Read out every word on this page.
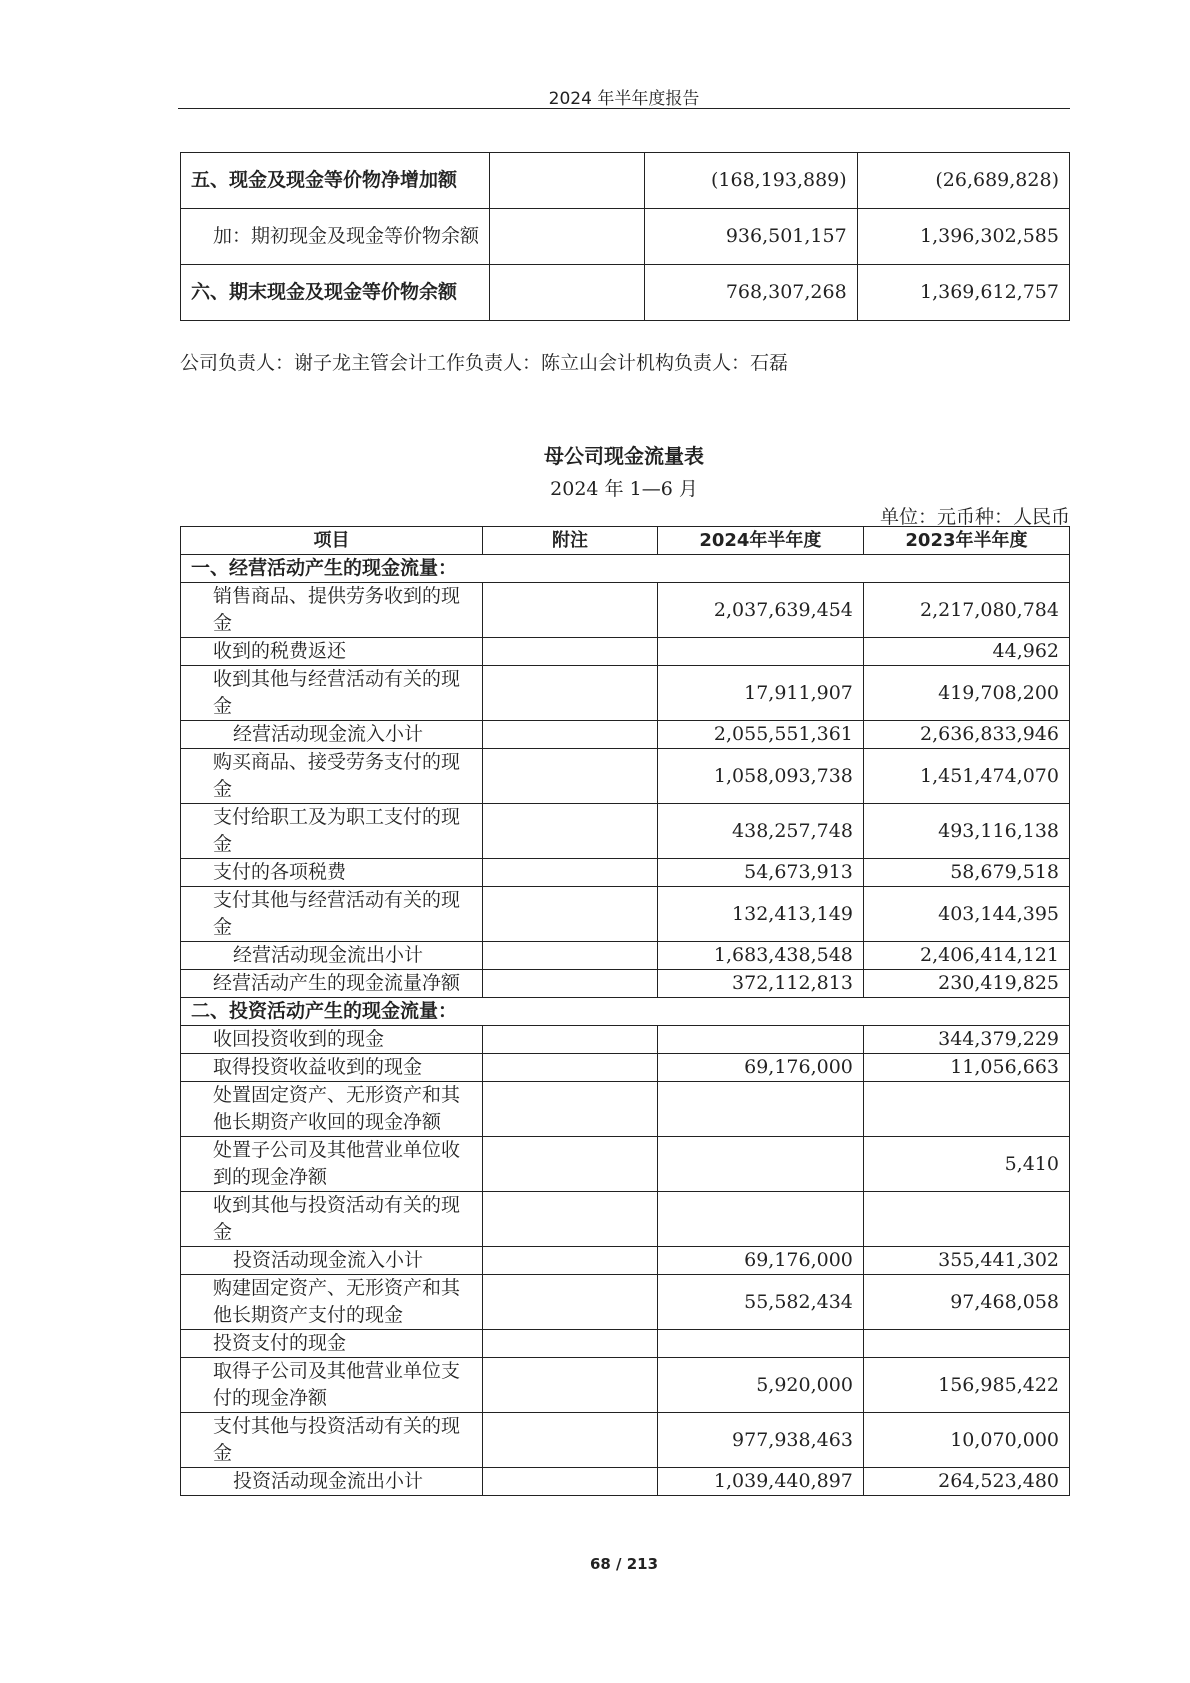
2024 年半年度报告
五、现金及现金等价物净增加额		(168,193,889)	(26,689,828)
加：期初现金及现金等价物余额		936,501,157	1,396,302,585
六、期末现金及现金等价物余额		768,307,268	1,369,612,757
公司负责人：谢子龙主管会计工作负责人：陈立山会计机构负责人：石磊
母公司现金流量表
2024 年 1—6 月
单位：元币种：人民币
项目	附注	2024年半年度	2023年半年度
一、经营活动产生的现金流量：			
销售商品、提供劳务收到的现金		2,037,639,454	2,217,080,784
收到的税费返还			44,962
收到其他与经营活动有关的现金		17,911,907	419,708,200
经营活动现金流入小计		2,055,551,361	2,636,833,946
购买商品、接受劳务支付的现金		1,058,093,738	1,451,474,070
支付给职工及为职工支付的现金		438,257,748	493,116,138
支付的各项税费		54,673,913	58,679,518
支付其他与经营活动有关的现金		132,413,149	403,144,395
经营活动现金流出小计		1,683,438,548	2,406,414,121
经营活动产生的现金流量净额		372,112,813	230,419,825
二、投资活动产生的现金流量：			
收回投资收到的现金			344,379,229
取得投资收益收到的现金		69,176,000	11,056,663
处置固定资产、无形资产和其他长期资产收回的现金净额			
处置子公司及其他营业单位收到的现金净额			5,410
收到其他与投资活动有关的现金			
投资活动现金流入小计		69,176,000	355,441,302
购建固定资产、无形资产和其他长期资产支付的现金		55,582,434	97,468,058
投资支付的现金			
取得子公司及其他营业单位支付的现金净额		5,920,000	156,985,422
支付其他与投资活动有关的现金		977,938,463	10,070,000
投资活动现金流出小计		1,039,440,897	264,523,480
68 / 213
